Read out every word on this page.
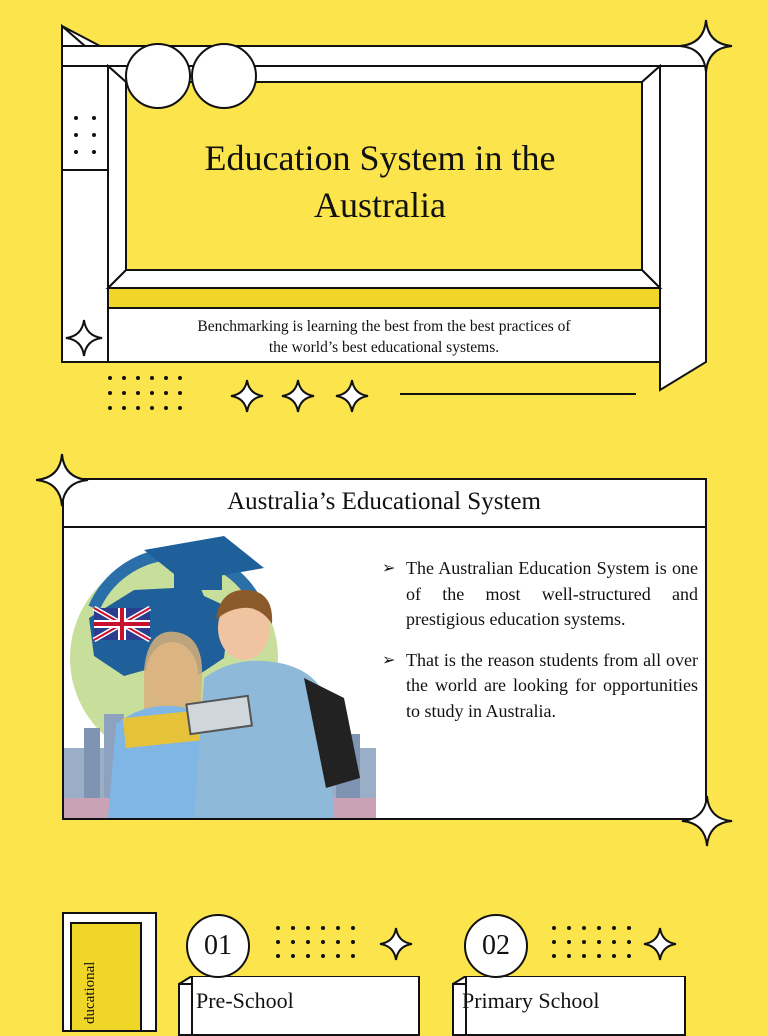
Education System in the
Australia
Benchmarking is learning the best from the best practices of
the world’s best educational systems.
Australia’s Educational System
➢ The Australian Education System is one of the most well-structured and prestigious education systems.
➢ That is the reason students from all over the world are looking for opportunities to study in Australia.
ducational
01
Pre-School
02
Primary School
